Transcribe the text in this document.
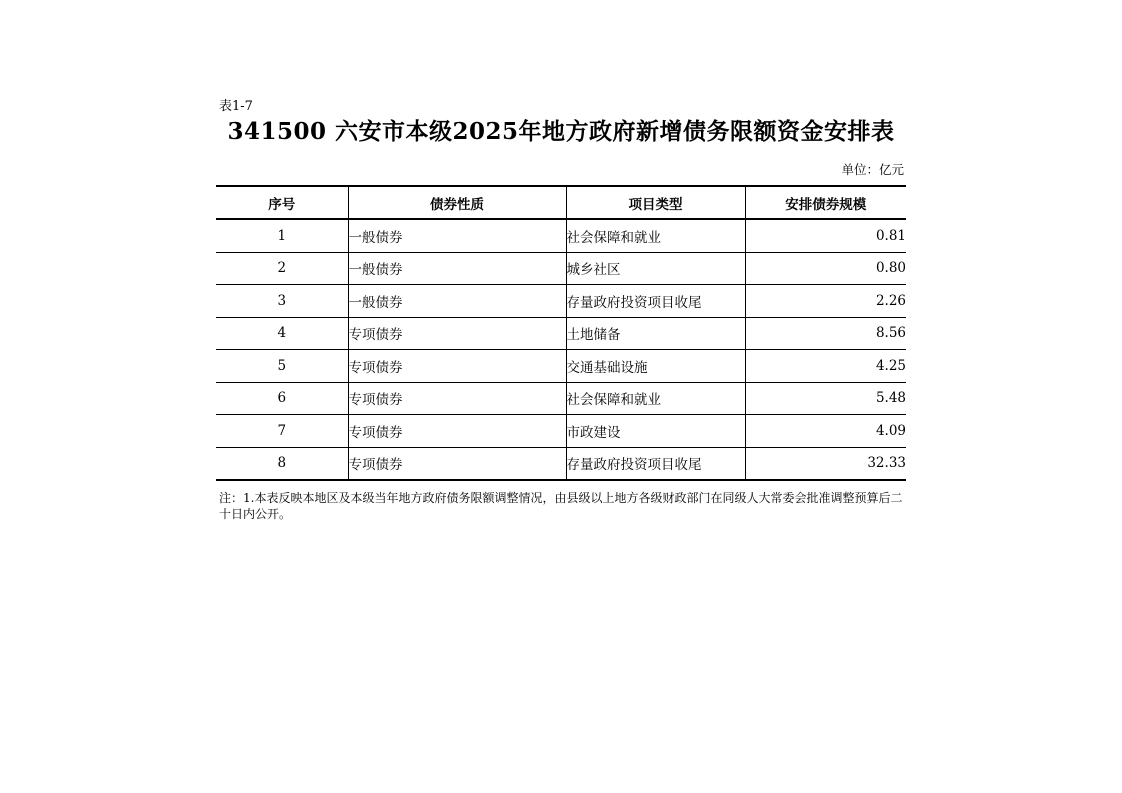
表1-7
341500 六安市本级2025年地方政府新增债务限额资金安排表
单位：亿元
序号	债券性质	项目类型	安排债券规模
1	一般债券	社会保障和就业	0.81
2	一般债券	城乡社区	0.80
3	一般债券	存量政府投资项目收尾	2.26
4	专项债券	土地储备	8.56
5	专项债券	交通基础设施	4.25
6	专项债券	社会保障和就业	5.48
7	专项债券	市政建设	4.09
8	专项债券	存量政府投资项目收尾	32.33
注：1.本表反映本地区及本级当年地方政府债务限额调整情况，由县级以上地方各级财政部门在同级人大常委会批准调整预算后二十日内公开。
